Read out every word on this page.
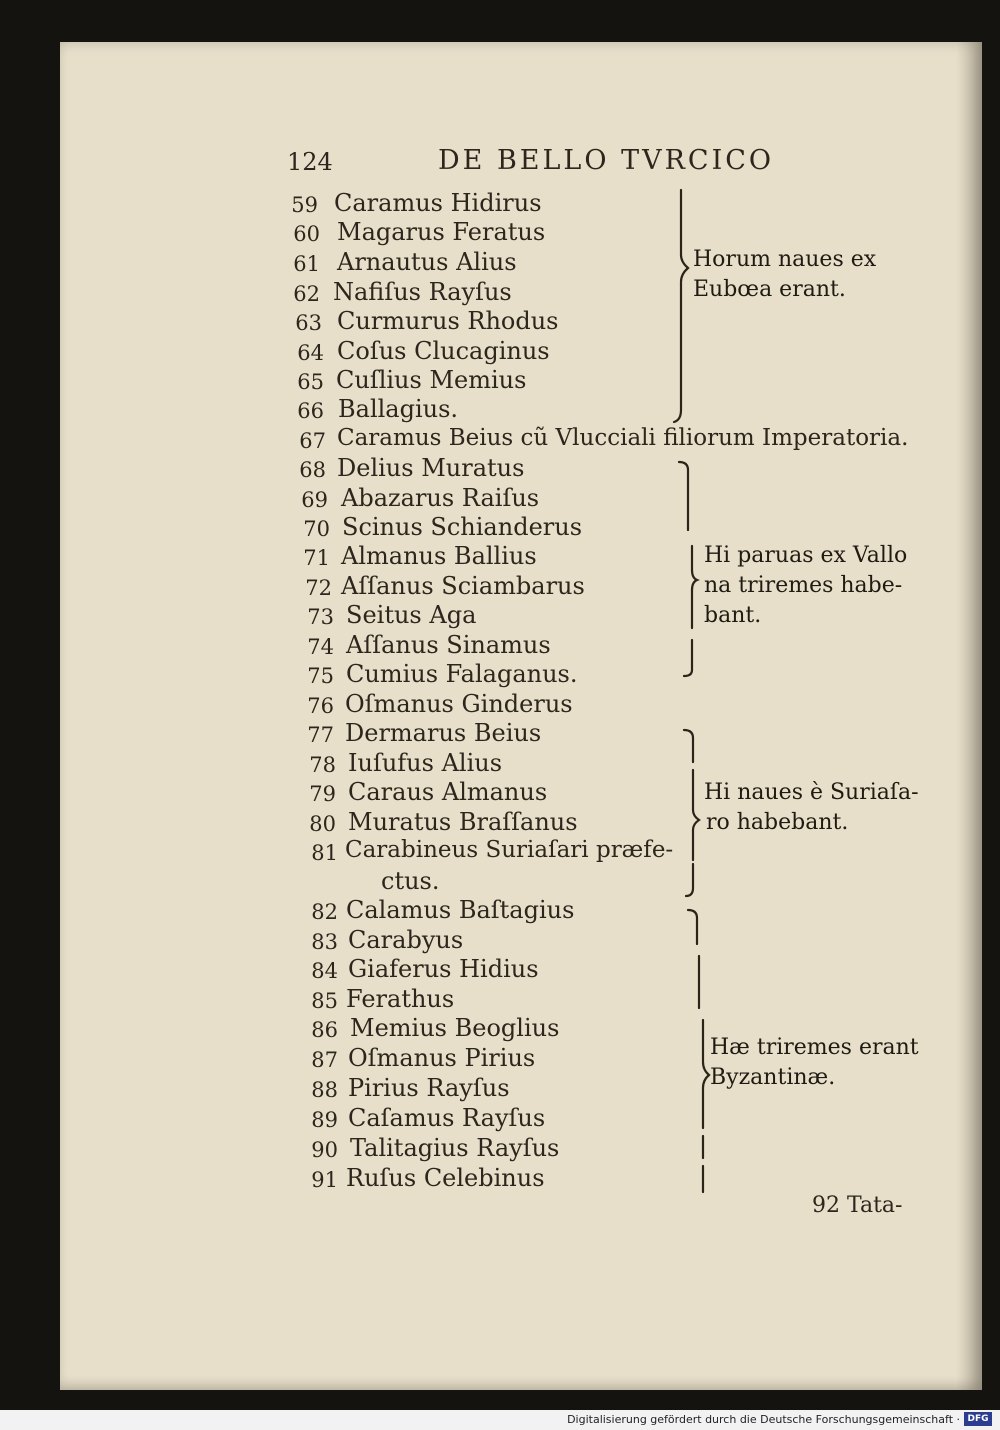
124	DE BELLO TVRCICO
59 Caramus Hidirus
60 Magarus Feratus
61 Arnautus Alius
62 Nafiſus Rayſus
63 Curmurus Rhodus
64 Coſus Clucaginus
65 Cuſlius Memius
66 Ballagius.
67 Caramus Beius cũ Vlucciali filiorum Imperatoria.
68 Delius Muratus
69 Abazarus Raiſus
70 Scinus Schianderus
71 Almanus Ballius
72 Aſſanus Sciambarus
73 Seitus Aga
74 Aſſanus Sinamus
75 Cumius Falaganus.
76 Oſmanus Ginderus
77 Dermarus Beius
78 Iuſufus Alius
79 Caraus Almanus
80 Muratus Braſſanus
81 Carabineus Suriaſari præfe-
ctus.
82 Calamus Baſtagius
83 Carabyus
84 Giaferus Hidius
85 Ferathus
86 Memius Beoglius
87 Oſmanus Pirius
88 Pirius Rayſus
89 Caſamus Rayſus
90 Talitagius Rayſus
91 Ruſus Celebinus
Horum naues ex
Eubœa erant.
Hi paruas ex Vallo
na triremes habe-
bant.
Hi naues è Suriaſa-
ro habebant.
Hæ triremes erant
Byzantinæ.
92 Tata-
Digitalisierung gefördert durch die Deutsche Forschungsgemeinschaft · DFG
